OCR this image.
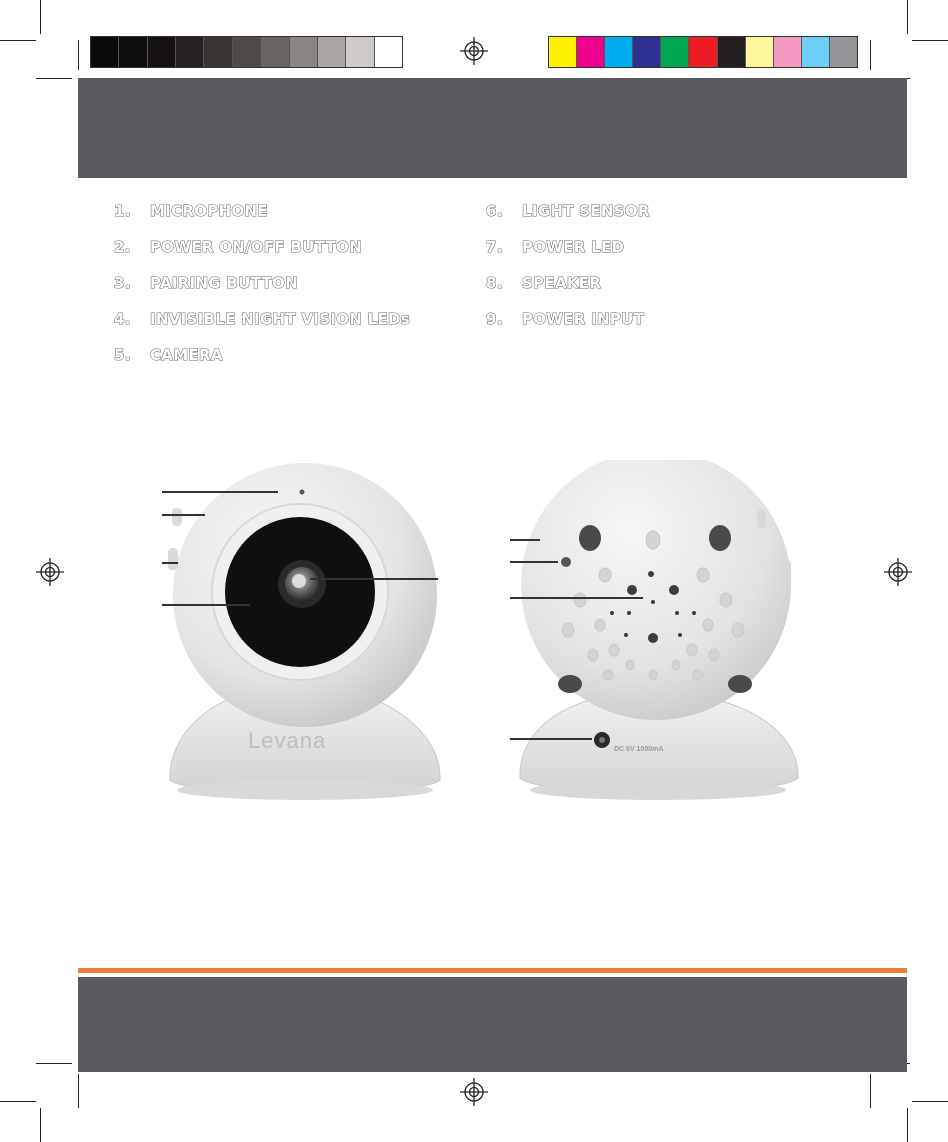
1.	MICROPHONE
2.	POWER ON/OFF BUTTON
3.	PAIRING BUTTON
4.	INVISIBLE NIGHT VISION LEDs
5.	CAMERA
6.	LIGHT SENSOR
7.	POWER LED
8.	SPEAKER
9.	POWER INPUT
Levana	DC 5V 1000mA
